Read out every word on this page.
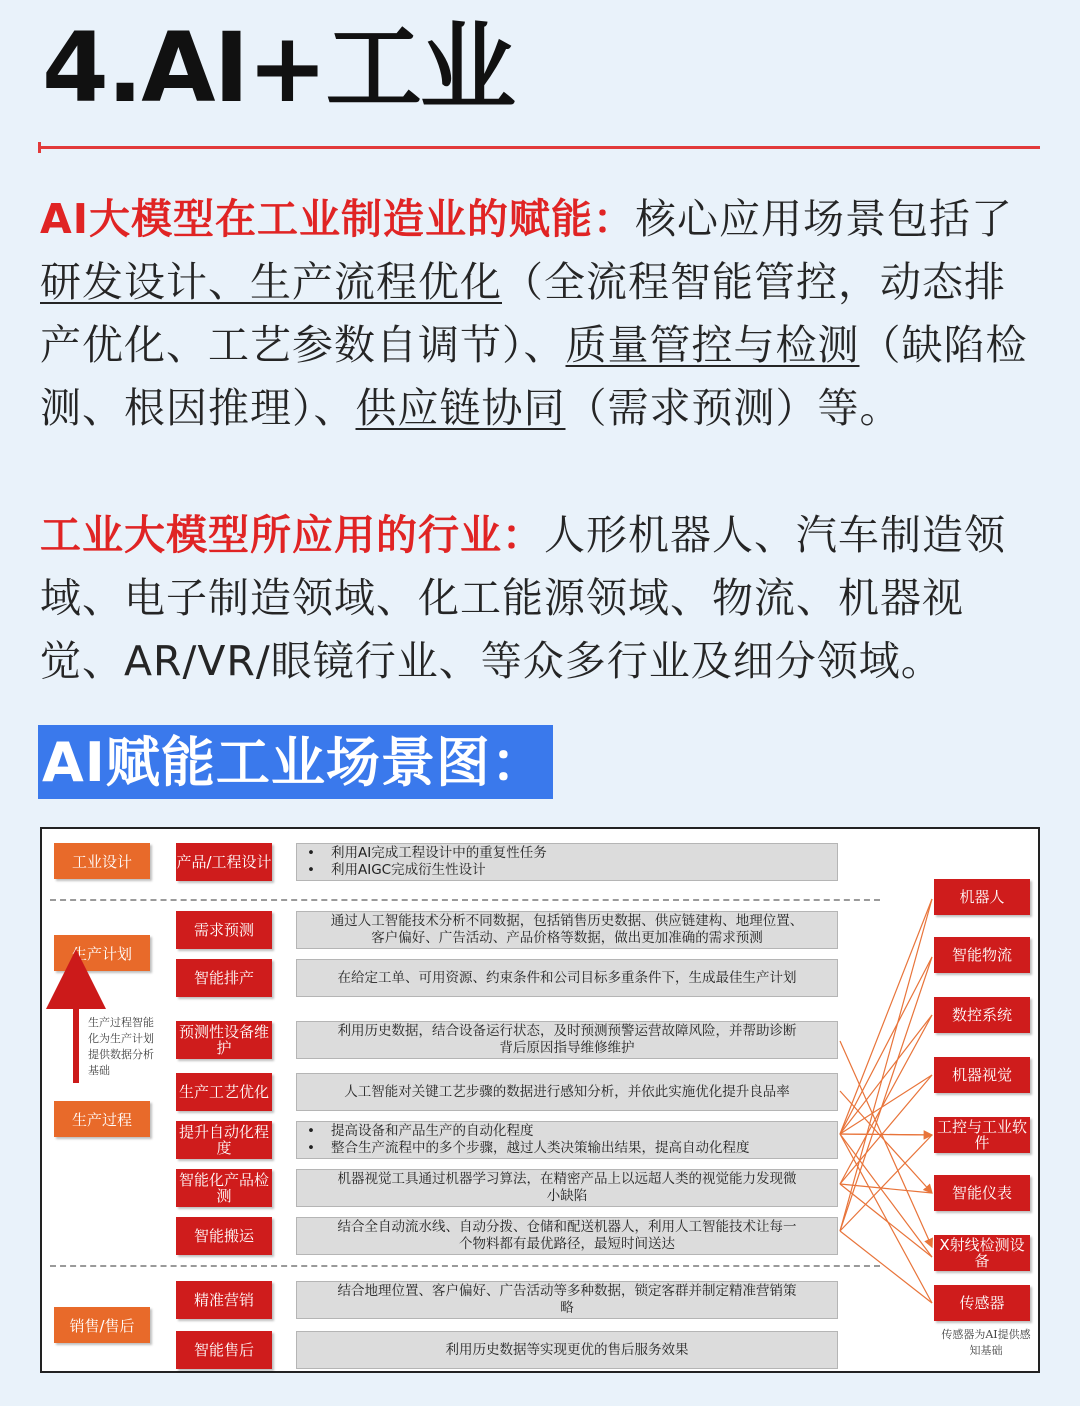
4.AI+工业

AI大模型在工业制造业的赋能：核心应用场景包括了研发设计、生产流程优化（全流程智能管控，动态排产优化、工艺参数自调节）、质量管控与检测（缺陷检测、根因推理）、供应链协同（需求预测）等。

工业大模型所应用的行业：人形机器人、汽车制造领域、电子制造领域、化工能源领域、物流、机器视觉、AR/VR/眼镜行业、等众多行业及细分领域。

AI赋能工业场景图：
工业设计
生产计划
生产过程
销售/售后
生产过程智能化为生产计划提供数据分析基础
产品/工程设计
•	利用AI完成工程设计中的重复性任务
• 利用AIGC完成衍生性设计
需求预测	通过人工智能技术分析不同数据，包括销售历史数据、供应链建构、地理位置、
客户偏好、广告活动、产品价格等数据，做出更加准确的需求预测
智能排产	在给定工单、可用资源、约束条件和公司目标多重条件下，生成最佳生产计划
预测性设备维护
利用历史数据，结合设备运行状态，及时预测预警运营故障风险，并帮助诊断
背后原因指导维修维护
生产工艺优化	人工智能对关键工艺步骤的数据进行感知分析，并依此实施优化提升良品率
提升自动化程度
• 提高设备和产品生产的自动化程度
• 整合生产流程中的多个步骤，越过人类决策输出结果，提高自动化程度
智能化产品检测
机器视觉工具通过机器学习算法，在精密产品上以远超人类的视觉能力发现微
小缺陷
智能搬运	结合全自动流水线、自动分拨、仓储和配送机器人，利用人工智能技术让每一
个物料都有最优路径，最短时间送达
精准营销	结合地理位置、客户偏好、广告活动等多种数据，锁定客群并制定精准营销策
略
智能售后	利用历史数据等实现更优的售后服务效果
机器人
智能物流
数控系统
机器视觉
工控与工业软件
智能仪表
X射线检测设备
传感器
传感器为AI提供感知基础
